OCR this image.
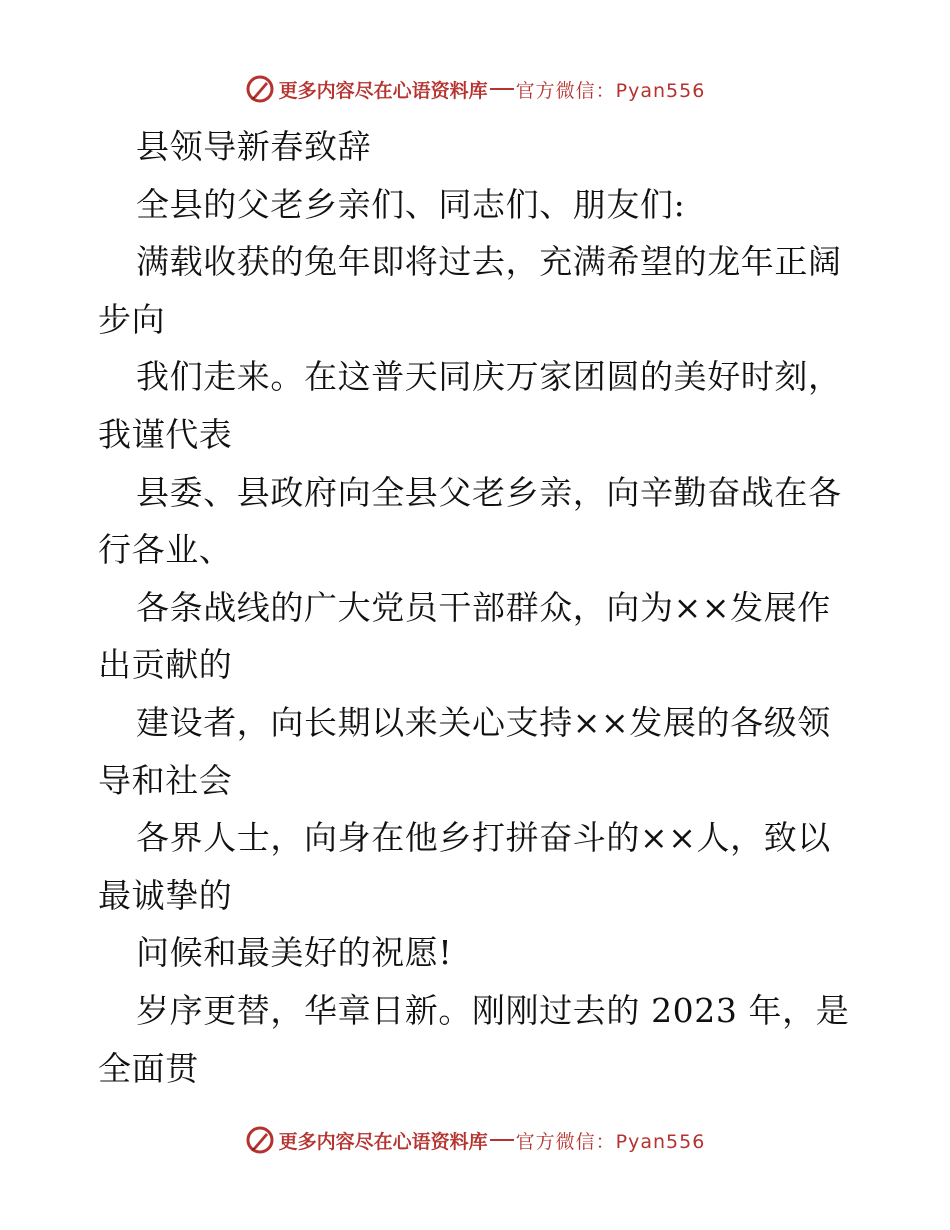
更多内容尽在心语资料库 官方微信：Pyan556
县领导新春致辞
全县的父老乡亲们、同志们、朋友们:
满载收获的兔年即将过去，充满希望的龙年正阔
步向
我们走来。在这普天同庆万家团圆的美好时刻，
我谨代表
县委、县政府向全县父老乡亲，向辛勤奋战在各
行各业、
各条战线的广大党员干部群众，向为××发展作
出贡献的
建设者，向长期以来关心支持××发展的各级领
导和社会
各界人士，向身在他乡打拼奋斗的××人，致以
最诚挚的
问候和最美好的祝愿!
岁序更替，华章日新。刚刚过去的 2023 年，是
全面贯
更多内容尽在心语资料库 官方微信：Pyan556
